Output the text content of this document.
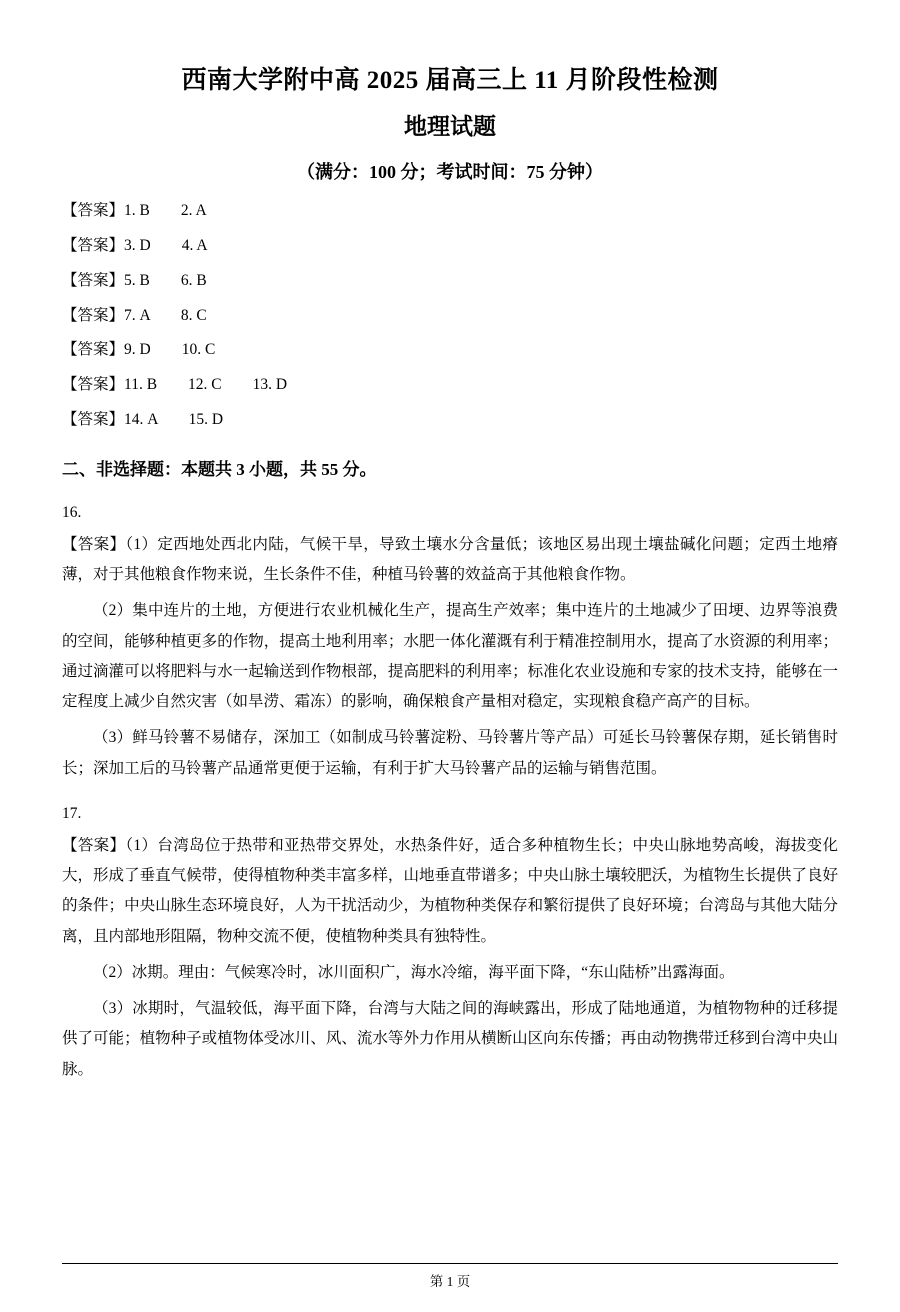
西南大学附中高 2025 届高三上 11 月阶段性检测
地理试题
（满分：100 分；考试时间：75 分钟）
【答案】1. B　　2. A
【答案】3. D　　4. A
【答案】5. B　　6. B
【答案】7. A　　8. C
【答案】9. D　　10. C
【答案】11. B　　12. C　　13. D
【答案】14. A　　15. D
二、非选择题：本题共 3 小题，共 55 分。
16.

【答案】（1）定西地处西北内陆，气候干旱，导致土壤水分含量低；该地区易出现土壤盐碱化问题；定西土地瘠薄，对于其他粮食作物来说，生长条件不佳，种植马铃薯的效益高于其他粮食作物。

（2）集中连片的土地，方便进行农业机械化生产，提高生产效率；集中连片的土地减少了田埂、边界等浪费的空间，能够种植更多的作物，提高土地利用率；水肥一体化灌溉有利于精准控制用水，提高了水资源的利用率；通过滴灌可以将肥料与水一起输送到作物根部，提高肥料的利用率；标准化农业设施和专家的技术支持，能够在一定程度上减少自然灾害（如旱涝、霜冻）的影响，确保粮食产量相对稳定，实现粮食稳产高产的目标。

（3）鲜马铃薯不易储存，深加工（如制成马铃薯淀粉、马铃薯片等产品）可延长马铃薯保存期，延长销售时长；深加工后的马铃薯产品通常更便于运输，有利于扩大马铃薯产品的运输与销售范围。

17.

【答案】（1）台湾岛位于热带和亚热带交界处，水热条件好，适合多种植物生长；中央山脉地势高峻，海拔变化大，形成了垂直气候带，使得植物种类丰富多样，山地垂直带谱多；中央山脉土壤较肥沃，为植物生长提供了良好的条件；中央山脉生态环境良好，人为干扰活动少，为植物种类保存和繁衍提供了良好环境；台湾岛与其他大陆分离，且内部地形阻隔，物种交流不便，使植物种类具有独特性。

（2）冰期。理由：气候寒冷时，冰川面积广，海水冷缩，海平面下降，“东山陆桥”出露海面。

（3）冰期时，气温较低，海平面下降，台湾与大陆之间的海峡露出，形成了陆地通道，为植物物种的迁移提供了可能；植物种子或植物体受冰川、风、流水等外力作用从横断山区向东传播；再由动物携带迁移到台湾中央山脉。

第 1 页
